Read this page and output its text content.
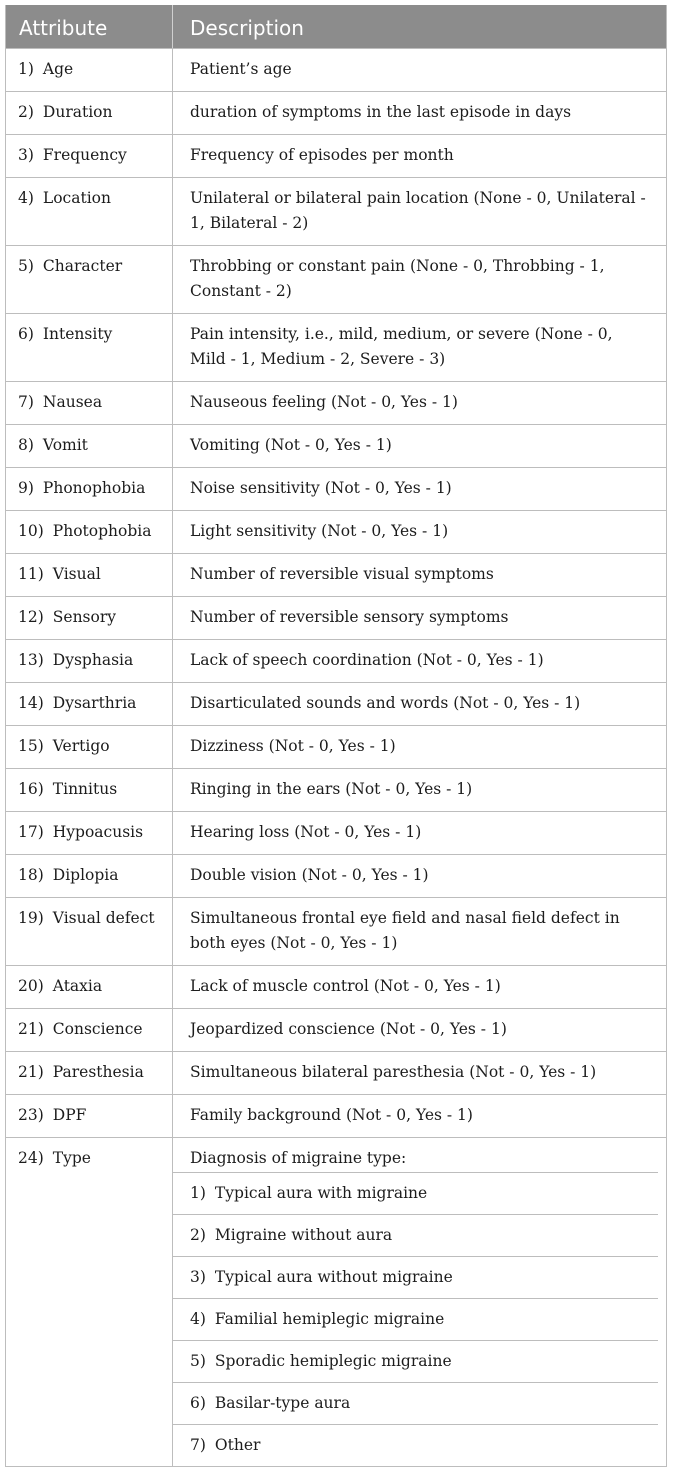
Attribute	Description
1) Age	Patient’s age
2) Duration	duration of symptoms in the last episode in days
3) Frequency	Frequency of episodes per month
4) Location	Unilateral or bilateral pain location (None - 0, Unilateral - 1, Bilateral - 2)
5) Character	Throbbing or constant pain (None - 0, Throbbing - 1, Constant - 2)
6) Intensity	Pain intensity, i.e., mild, medium, or severe (None - 0, Mild - 1, Medium - 2, Severe - 3)
7) Nausea	Nauseous feeling (Not - 0, Yes - 1)
8) Vomit	Vomiting (Not - 0, Yes - 1)
9) Phonophobia	Noise sensitivity (Not - 0, Yes - 1)
10) Photophobia	Light sensitivity (Not - 0, Yes - 1)
11) Visual	Number of reversible visual symptoms
12) Sensory	Number of reversible sensory symptoms
13) Dysphasia	Lack of speech coordination (Not - 0, Yes - 1)
14) Dysarthria	Disarticulated sounds and words (Not - 0, Yes - 1)
15) Vertigo	Dizziness (Not - 0, Yes - 1)
16) Tinnitus	Ringing in the ears (Not - 0, Yes - 1)
17) Hypoacusis	Hearing loss (Not - 0, Yes - 1)
18) Diplopia	Double vision (Not - 0, Yes - 1)
19) Visual defect	Simultaneous frontal eye field and nasal field defect in both eyes (Not - 0, Yes - 1)
20) Ataxia	Lack of muscle control (Not - 0, Yes - 1)
21) Conscience	Jeopardized conscience (Not - 0, Yes - 1)
21) Paresthesia	Simultaneous bilateral paresthesia (Not - 0, Yes - 1)
23) DPF	Family background (Not - 0, Yes - 1)
24) Type	Diagnosis of migraine type:
1) Typical aura with migraine
2) Migraine without aura
3) Typical aura without migraine
4) Familial hemiplegic migraine
5) Sporadic hemiplegic migraine
6) Basilar-type aura
7) Other
